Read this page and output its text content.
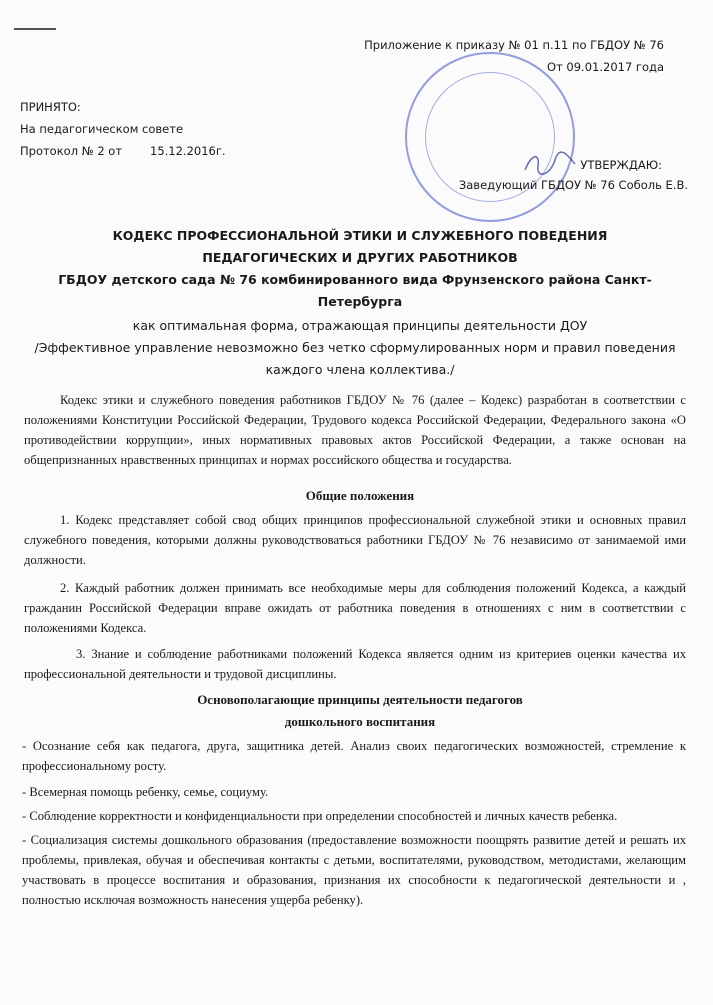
Приложение к приказу № 01 п.11 по ГБДОУ № 76
От 09.01.2017 года
ПРИНЯТО:
На педагогическом совете
Протокол № 2 от 15.12.2016г.
УТВЕРЖДАЮ:
Заведующий ГБДОУ № 76 Соболь Е.В.
КОДЕКС ПРОФЕССИОНАЛЬНОЙ ЭТИКИ И СЛУЖЕБНОГО ПОВЕДЕНИЯ
ПЕДАГОГИЧЕСКИХ И ДРУГИХ РАБОТНИКОВ
ГБДОУ детского сада № 76 комбинированного вида Фрунзенского района Санкт-
Петербурга
как оптимальная форма, отражающая принципы деятельности ДОУ
/Эффективное управление невозможно без четко сформулированных норм и правил поведения
каждого члена коллектива./
Кодекс этики и служебного поведения работников ГБДОУ № 76 (далее – Кодекс) разработан в соответствии с положениями Конституции Российской Федерации, Трудового кодекса Российской Федерации, Федерального закона «О противодействии коррупции», иных нормативных правовых актов Российской Федерации, а также основан на общепризнанных нравственных принципах и нормах российского общества и государства.
Общие положения
1. Кодекс представляет собой свод общих принципов профессиональной служебной этики и основных правил служебного поведения, которыми должны руководствоваться работники ГБДОУ № 76 независимо от занимаемой ими должности.
2. Каждый работник должен принимать все необходимые меры для соблюдения положений Кодекса, а каждый гражданин Российской Федерации вправе ожидать от работника поведения в отношениях с ним в соответствии с положениями Кодекса.
3. Знание и соблюдение работниками положений Кодекса является одним из критериев оценки качества их профессиональной деятельности и трудовой дисциплины.
Основополагающие принципы деятельности педагогов
дошкольного воспитания
- Осознание себя как педагога, друга, защитника детей. Анализ своих педагогических возможностей, стремление к профессиональному росту.
- Всемерная помощь ребенку, семье, социуму.
- Соблюдение корректности и конфиденциальности при определении способностей и личных качеств ребенка.
- Социализация системы дошкольного образования (предоставление возможности поощрять развитие детей и решать их проблемы, привлекая, обучая и обеспечивая контакты с детьми, воспитателями, руководством, методистами, желающим участвовать в процессе воспитания и образования, признания их способности к педагогической деятельности и , полностью исключая возможность нанесения ущерба ребенку).
